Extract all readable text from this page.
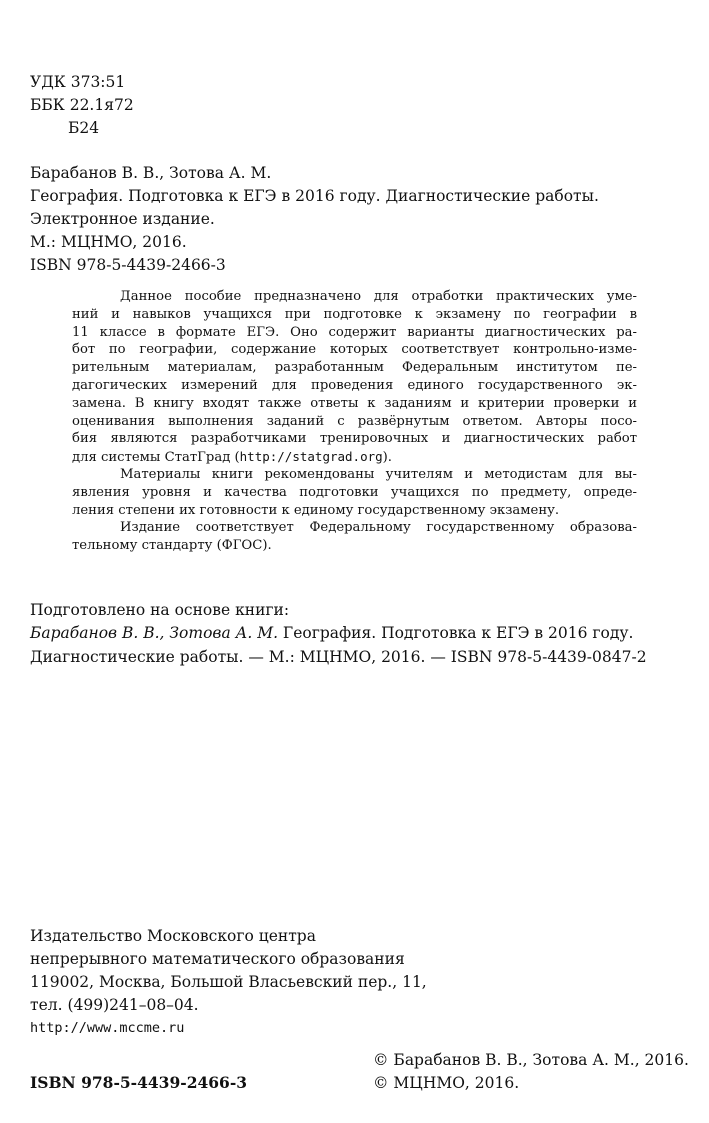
УДК 373:51
ББК 22.1я72
Б24
Барабанов В. В., Зотова А. М.
География. Подготовка к ЕГЭ в 2016 году. Диагностические работы.
Электронное издание.
М.: МЦНМО, 2016.
ISBN 978-5-4439-2466-3
Данное пособие предназначено для отработки практических уме-
ний и навыков учащихся при подготовке к экзамену по географии в
11 классе в формате ЕГЭ. Оно содержит варианты диагностических ра-
бот по географии, содержание которых соответствует контрольно-изме-
рительным материалам, разработанным Федеральным институтом пе-
дагогических измерений для проведения единого государственного эк-
замена. В книгу входят также ответы к заданиям и критерии проверки и
оценивания выполнения заданий с развёрнутым ответом. Авторы посо-
бия являются разработчиками тренировочных и диагностических работ
для системы СтатГрад (http://statgrad.org).
Материалы книги рекомендованы учителям и методистам для вы-
явления уровня и качества подготовки учащихся по предмету, опреде-
ления степени их готовности к единому государственному экзамену.
Издание соответствует Федеральному государственному образова-
тельному стандарту (ФГОС).
Подготовлено на основе книги:
Барабанов В. В., Зотова А. М. География. Подготовка к ЕГЭ в 2016 году.
Диагностические работы. — М.: МЦНМО, 2016. — ISBN 978-5-4439-0847-2
Издательство Московского центра
непрерывного математического образования
119002, Москва, Большой Власьевский пер., 11,
тел. (499)241–08–04.
http://www.mccme.ru
© Барабанов В. В., Зотова А. М., 2016.
© МЦНМО, 2016.
ISBN 978-5-4439-2466-3
